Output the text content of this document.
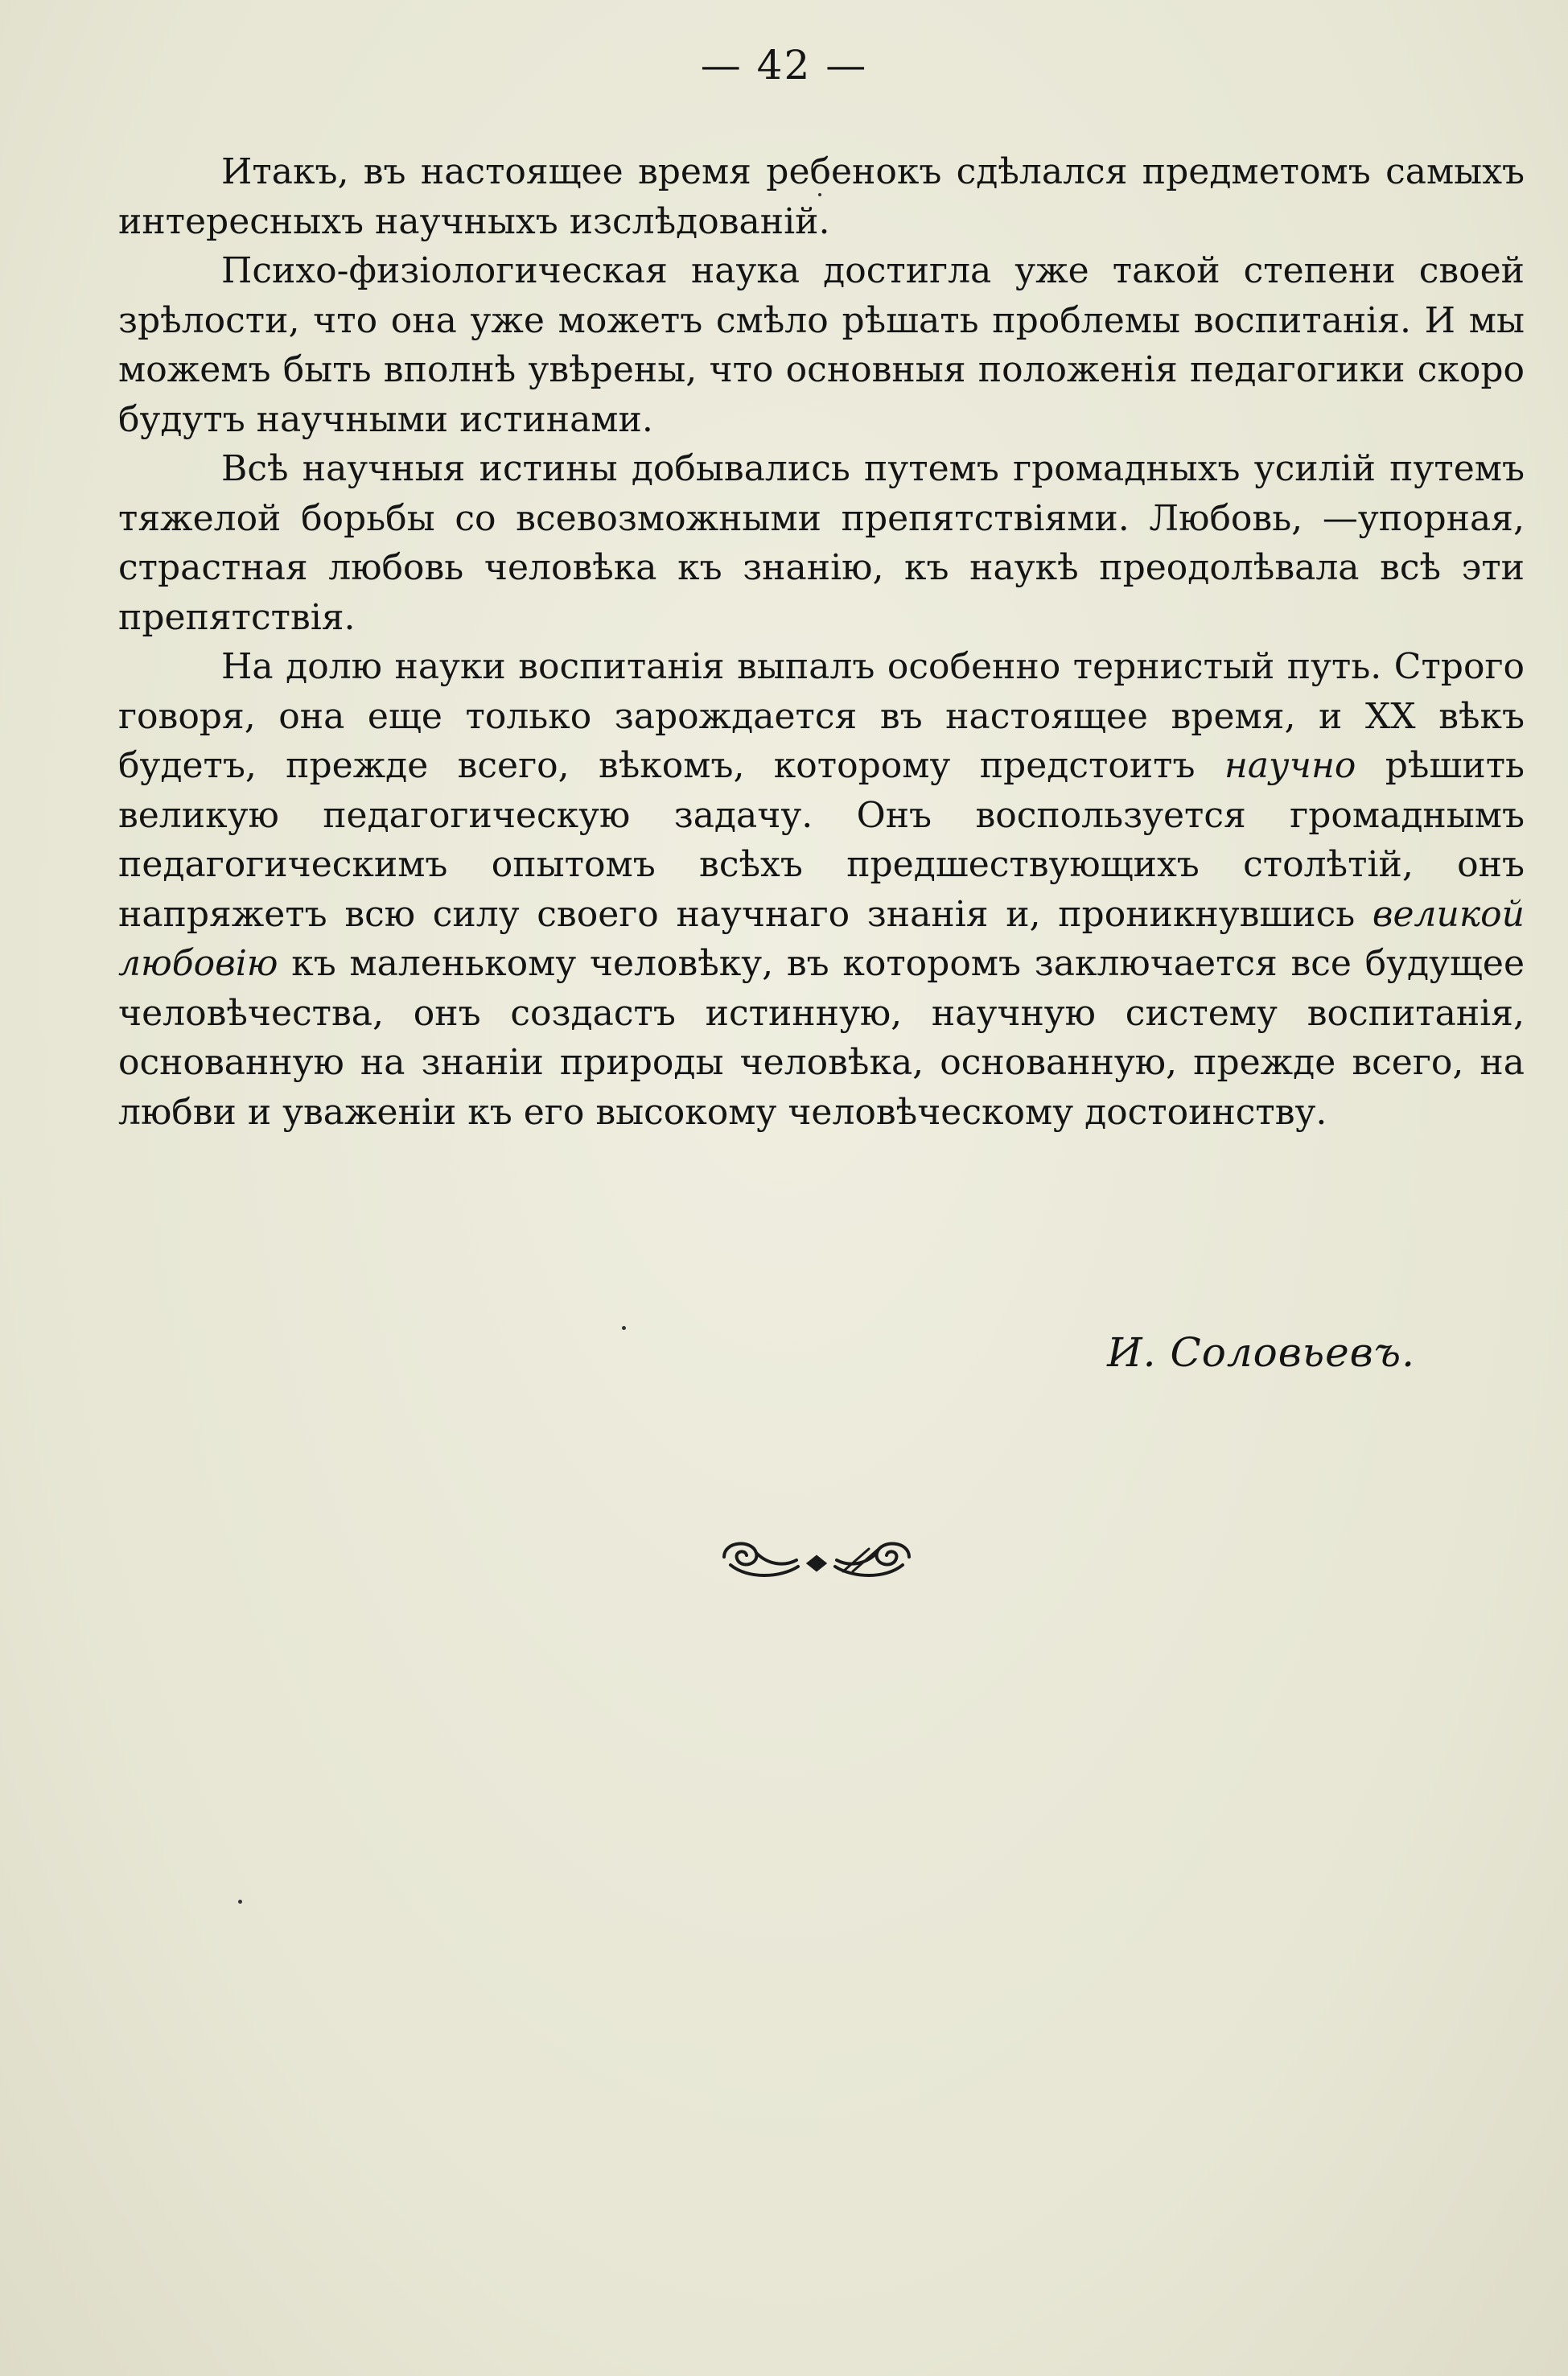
— 42 —

Итакъ, въ настоящее время ребенокъ сдѣлался предметомъ самыхъ интересныхъ научныхъ изслѣдованій.

Психо-физiологическая наука достигла уже такой степени своей зрѣлости, что она уже можетъ смѣло рѣшать проблемы воспитанія. И мы можемъ быть вполнѣ увѣрены, что основныя положенія педагогики скоро будутъ научными истинами.

Всѣ научныя истины добывались путемъ громадныхъ усилій путемъ тяжелой борьбы со всевозможными препятствіями. Любовь, —упорная, страстная любовь человѣка къ знанію, къ наукѣ преодолѣвала всѣ эти препятствія.

На долю науки воспитанія выпалъ особенно тернистый путь. Строго говоря, она еще только зарождается въ настоящее время, и XX вѣкъ будетъ, прежде всего, вѣкомъ, которому предстоитъ научно рѣшить великую педагогическую задачу. Онъ воспользуется громаднымъ педагогическимъ опытомъ всѣхъ предшествующихъ столѣтій, онъ напряжетъ всю силу своего научнаго знанія и, проникнувшись великой любовiю къ маленькому человѣку, въ которомъ заключается все будущее человѣчества, онъ создастъ истинную, научную систему воспитанія, основанную на знаніи природы человѣка, основанную, прежде всего, на любви и уваженіи къ его высокому человѣческому достоинству.

И. Соловьевъ.
